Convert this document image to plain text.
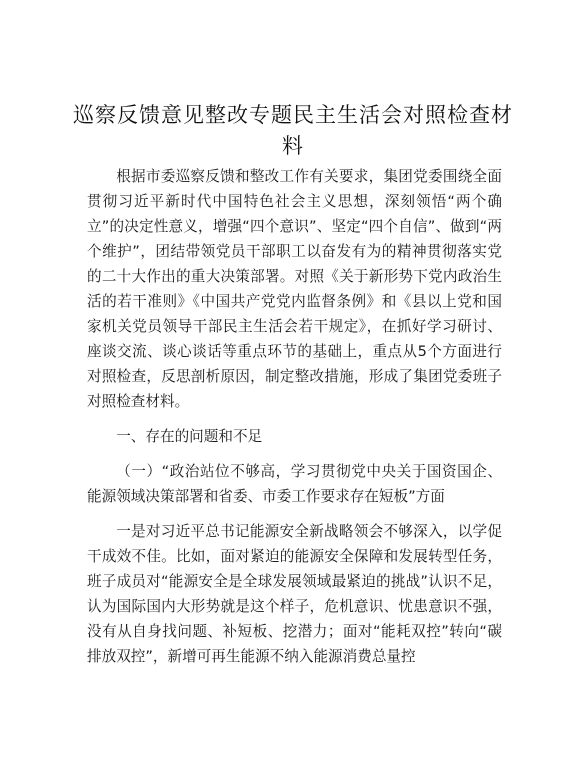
巡察反馈意见整改专题民主生活会对照检查材料

根据市委巡察反馈和整改工作有关要求，集团党委围绕全面贯彻习近平新时代中国特色社会主义思想，深刻领悟“两个确立”的决定性意义，增强“四个意识”、坚定“四个自信”、做到“两个维护”，团结带领党员干部职工以奋发有为的精神贯彻落实党的二十大作出的重大决策部署。对照《关于新形势下党内政治生活的若干准则》《中国共产党党内监督条例》和《县以上党和国家机关党员领导干部民主生活会若干规定》，在抓好学习研讨、座谈交流、谈心谈话等重点环节的基础上，重点从5个方面进行对照检查，反思剖析原因，制定整改措施，形成了集团党委班子对照检查材料。

一、存在的问题和不足

（一）“政治站位不够高，学习贯彻党中央关于国资国企、能源领域决策部署和省委、市委工作要求存在短板”方面

一是对习近平总书记能源安全新战略领会不够深入，以学促干成效不佳。比如，面对紧迫的能源安全保障和发展转型任务，班子成员对“能源安全是全球发展领域最紧迫的挑战”认识不足，认为国际国内大形势就是这个样子，危机意识、忧患意识不强，没有从自身找问题、补短板、挖潜力；面对“能耗双控”转向“碳排放双控”，新增可再生能源不纳入能源消费总量控
